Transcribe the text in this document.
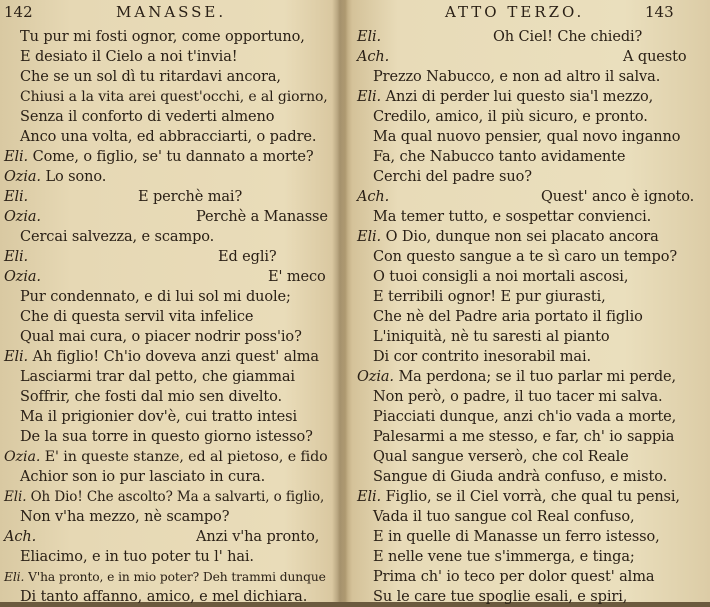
142	MANASSE.
Tu pur mi fosti ognor, come opportuno,
E desiato il Cielo a noi t'invia!
Che se un sol dì tu ritardavi ancora,
Chiusi a la vita arei quest'occhi, e al giorno,
Senza il conforto di vederti almeno
Anco una volta, ed abbracciarti, o padre.
Eli. Come, o figlio, se' tu dannato a morte?
Ozia. Lo sono.
Eli.	E perchè mai?
Ozia.	Perchè a Manasse
Cercai salvezza, e scampo.
Eli.	Ed egli?
Ozia.	E' meco
Pur condennato, e di lui sol mi duole;
Che di questa servil vita infelice
Qual mai cura, o piacer nodrir poss'io?
Eli. Ah figlio! Ch'io doveva anzi quest' alma
Lasciarmi trar dal petto, che giammai
Soffrir, che fosti dal mio sen divelto.
Ma il prigionier dov'è, cui tratto intesi
De la sua torre in questo giorno istesso?
Ozia. E' in queste stanze, ed al pietoso, e fido
Achior son io pur lasciato in cura.
Eli. Oh Dio! Che ascolto? Ma a salvarti, o figlio,
Non v'ha mezzo, nè scampo?
Ach.	Anzi v'ha pronto,
Eliacimo, e in tuo poter tu l' hai.
Eli. V'ha pronto, e in mio poter? Deh trammi dunque
Di tanto affanno, amico, e mel dichiara.
ATTO TERZO.	143
Eli.	Oh Ciel! Che chiedi?
Ach.	A questo
Prezzo Nabucco, e non ad altro il salva.
Eli. Anzi di perder lui questo sia'l mezzo,
Credilo, amico, il più sicuro, e pronto.
Ma qual nuovo pensier, qual novo inganno
Fa, che Nabucco tanto avidamente
Cerchi del padre suo?
Ach.	Quest' anco è ignoto.
Ma temer tutto, e sospettar convienci.
Eli. O Dio, dunque non sei placato ancora
Con questo sangue a te sì caro un tempo?
O tuoi consigli a noi mortali ascosi,
E terribili ognor! E pur giurasti,
Che nè del Padre aria portato il figlio
L'iniquità, nè tu saresti al pianto
Di cor contrito inesorabil mai.
Ozia. Ma perdona; se il tuo parlar mi perde,
Non però, o padre, il tuo tacer mi salva.
Piacciati dunque, anzi ch'io vada a morte,
Palesarmi a me stesso, e far, ch' io sappia
Qual sangue verserò, che col Reale
Sangue di Giuda andrà confuso, e misto.
Eli. Figlio, se il Ciel vorrà, che qual tu pensi,
Vada il tuo sangue col Real confuso,
E in quelle di Manasse un ferro istesso,
E nelle vene tue s'immerga, e tinga;
Prima ch' io teco per dolor quest' alma
Su le care tue spoglie esali, e spiri,
